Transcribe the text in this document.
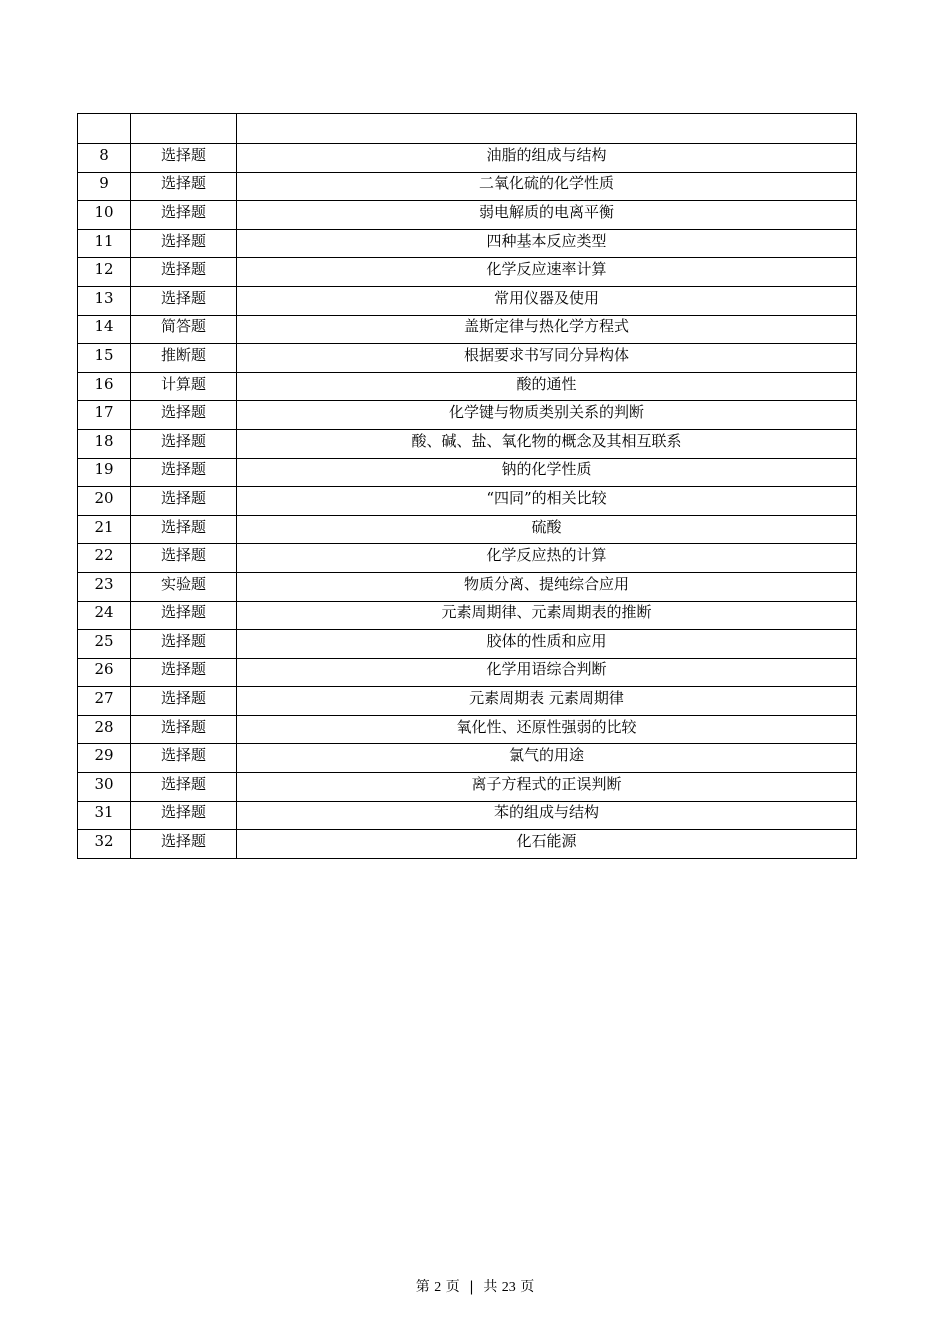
8	选择题	油脂的组成与结构
9	选择题	二氧化硫的化学性质
10	选择题	弱电解质的电离平衡
11	选择题	四种基本反应类型
12	选择题	化学反应速率计算
13	选择题	常用仪器及使用
14	简答题	盖斯定律与热化学方程式
15	推断题	根据要求书写同分异构体
16	计算题	酸的通性
17	选择题	化学键与物质类别关系的判断
18	选择题	酸、碱、盐、氧化物的概念及其相互联系
19	选择题	钠的化学性质
20	选择题	“四同”的相关比较
21	选择题	硫酸
22	选择题	化学反应热的计算
23	实验题	物质分离、提纯综合应用
24	选择题	元素周期律、元素周期表的推断
25	选择题	胶体的性质和应用
26	选择题	化学用语综合判断
27	选择题	元素周期表 元素周期律
28	选择题	氧化性、还原性强弱的比较
29	选择题	氯气的用途
30	选择题	离子方程式的正误判断
31	选择题	苯的组成与结构
32	选择题	化石能源
第 2 页 | 共 23 页
